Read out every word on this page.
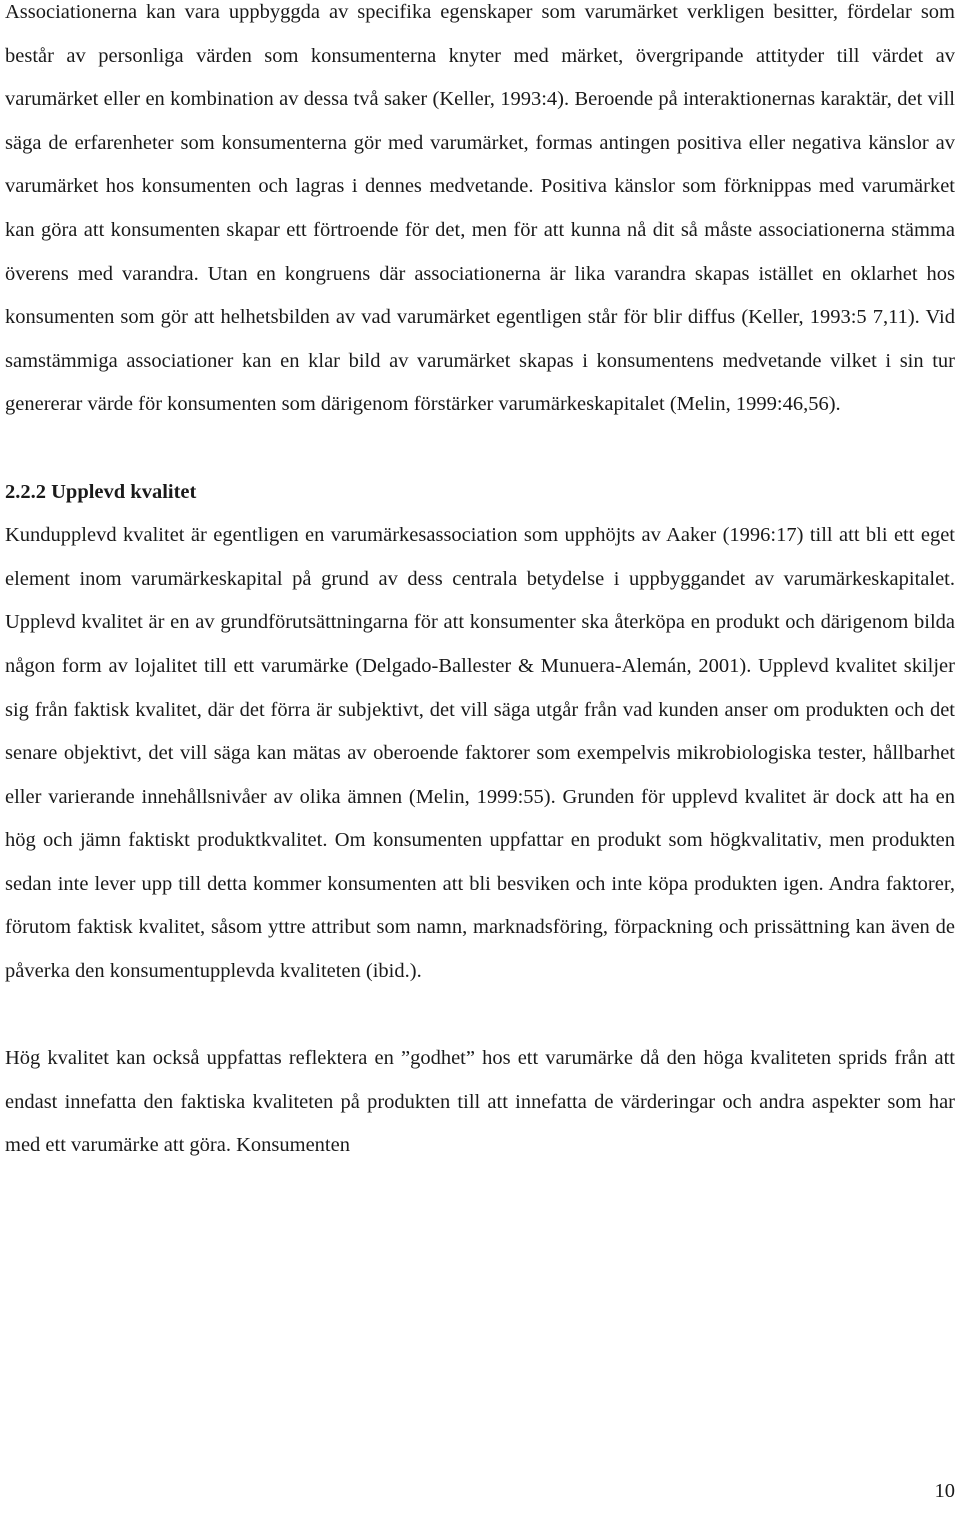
Associationerna kan vara uppbyggda av specifika egenskaper som varumärket verkligen besitter, fördelar som består av personliga värden som konsumenterna knyter med märket, övergripande attityder till värdet av varumärket eller en kombination av dessa två saker (Keller, 1993:4). Beroende på interaktionernas karaktär, det vill säga de erfarenheter som konsumenterna gör med varumärket, formas antingen positiva eller negativa känslor av varumärket hos konsumenten och lagras i dennes medvetande. Positiva känslor som förknippas med varumärket kan göra att konsumenten skapar ett förtroende för det, men för att kunna nå dit så måste associationerna stämma överens med varandra. Utan en kongruens där associationerna är lika varandra skapas istället en oklarhet hos konsumenten som gör att helhetsbilden av vad varumärket egentligen står för blir diffus (Keller, 1993:5 7,11). Vid samstämmiga associationer kan en klar bild av varumärket skapas i konsumentens medvetande vilket i sin tur genererar värde för konsumenten som därigenom förstärker varumärkeskapitalet (Melin, 1999:46,56).

2.2.2 Upplevd kvalitet

Kundupplevd kvalitet är egentligen en varumärkesassociation som upphöjts av Aaker (1996:17) till att bli ett eget element inom varumärkeskapital på grund av dess centrala betydelse i uppbyggandet av varumärkeskapitalet. Upplevd kvalitet är en av grundförutsättningarna för att konsumenter ska återköpa en produkt och därigenom bilda någon form av lojalitet till ett varumärke (Delgado-Ballester & Munuera-Alemán, 2001). Upplevd kvalitet skiljer sig från faktisk kvalitet, där det förra är subjektivt, det vill säga utgår från vad kunden anser om produkten och det senare objektivt, det vill säga kan mätas av oberoende faktorer som exempelvis mikrobiologiska tester, hållbarhet eller varierande innehållsnivåer av olika ämnen (Melin, 1999:55). Grunden för upplevd kvalitet är dock att ha en hög och jämn faktiskt produktkvalitet. Om konsumenten uppfattar en produkt som högkvalitativ, men produkten sedan inte lever upp till detta kommer konsumenten att bli besviken och inte köpa produkten igen. Andra faktorer, förutom faktisk kvalitet, såsom yttre attribut som namn, marknadsföring, förpackning och prissättning kan även de påverka den konsumentupplevda kvaliteten (ibid.).

Hög kvalitet kan också uppfattas reflektera en ”godhet” hos ett varumärke då den höga kvaliteten sprids från att endast innefatta den faktiska kvaliteten på produkten till att innefatta de värderingar och andra aspekter som har med ett varumärke att göra. Konsumenten

10
